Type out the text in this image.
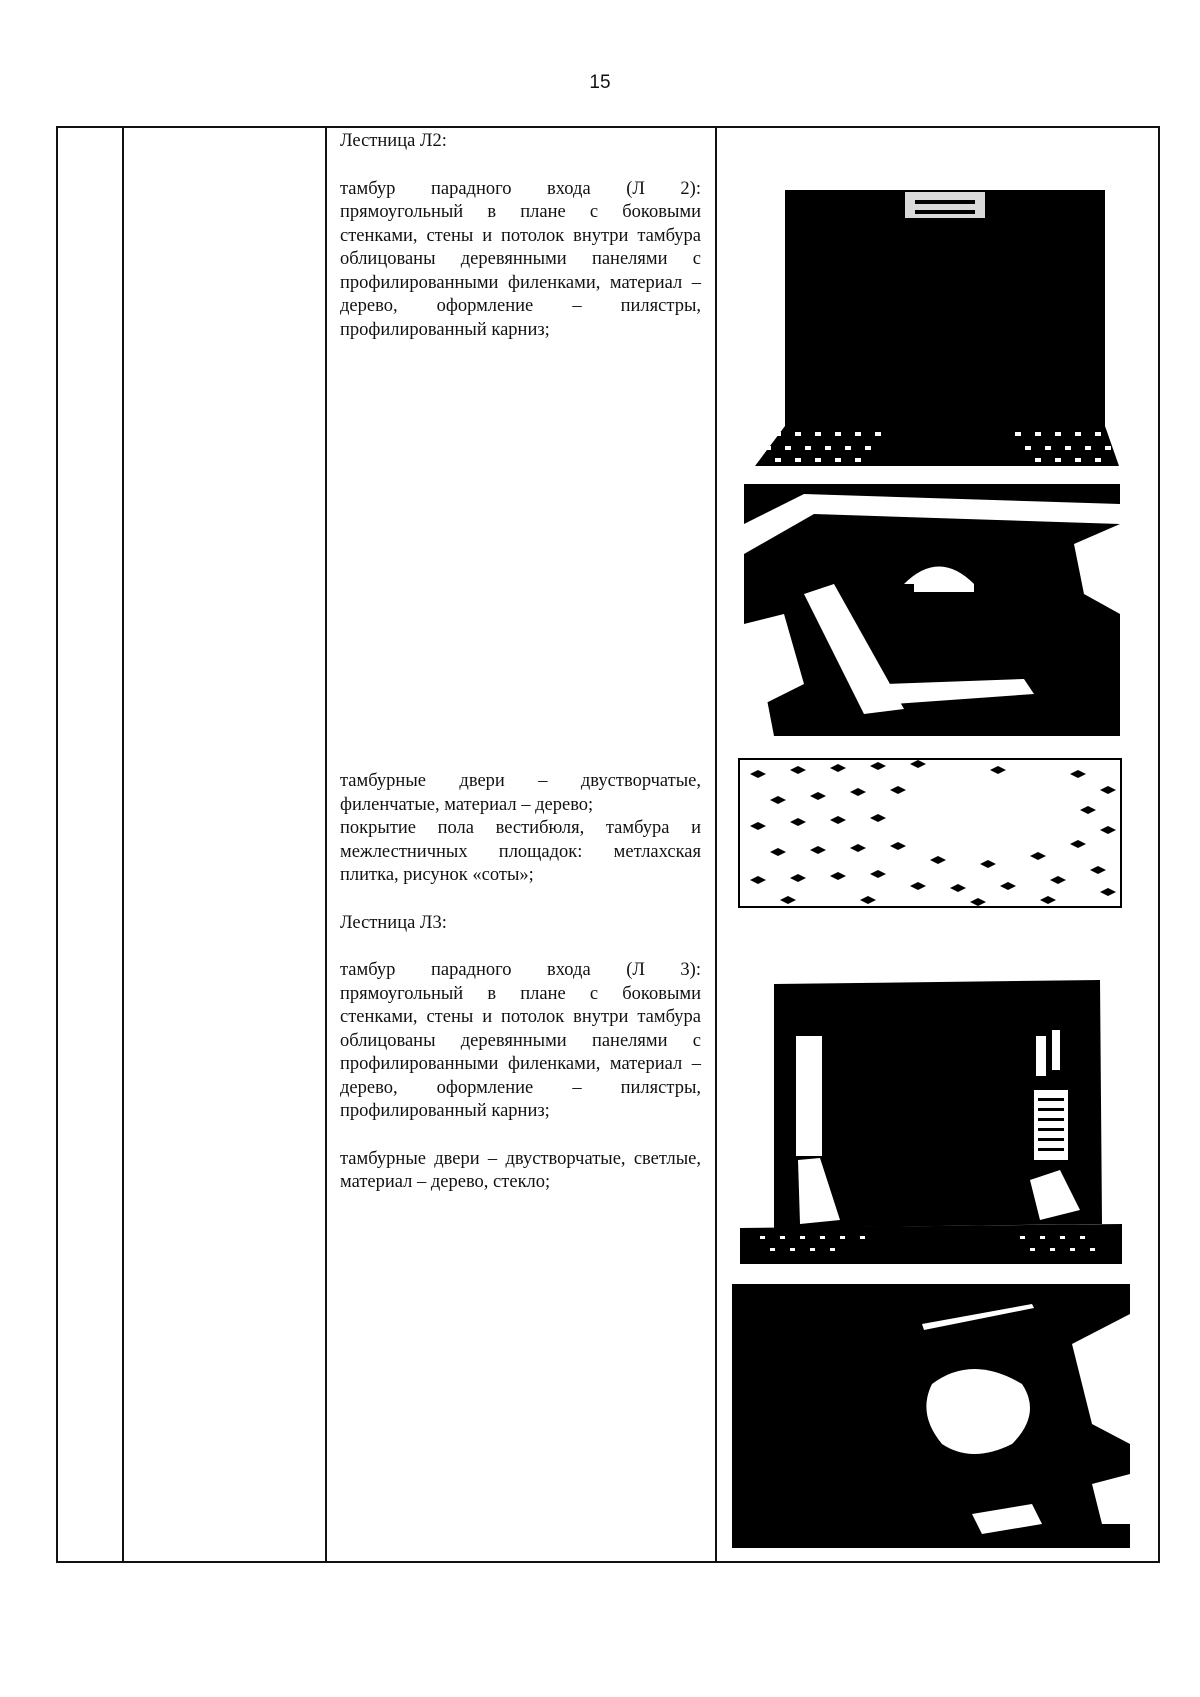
15

Лестница Л2:

тамбур парадного входа (Л 2): прямоугольный в плане с боковыми стенками, стены и потолок внутри тамбура облицованы деревянными панелями с профилированными филенками, материал – дерево, оформление – пилястры, профилированный карниз;

тамбурные двери – двустворчатые, филенчатые, материал – дерево;

покрытие пола вестибюля, тамбура и межлестничных площадок: метлахская плитка, рисунок «соты»;

Лестница Л3:

тамбур парадного входа (Л 3): прямоугольный в плане с боковыми стенками, стены и потолок внутри тамбура облицованы деревянными панелями с профилированными филенками, материал – дерево, оформление – пилястры, профилированный карниз;

тамбурные двери – двустворчатые, светлые, материал – дерево, стекло;
